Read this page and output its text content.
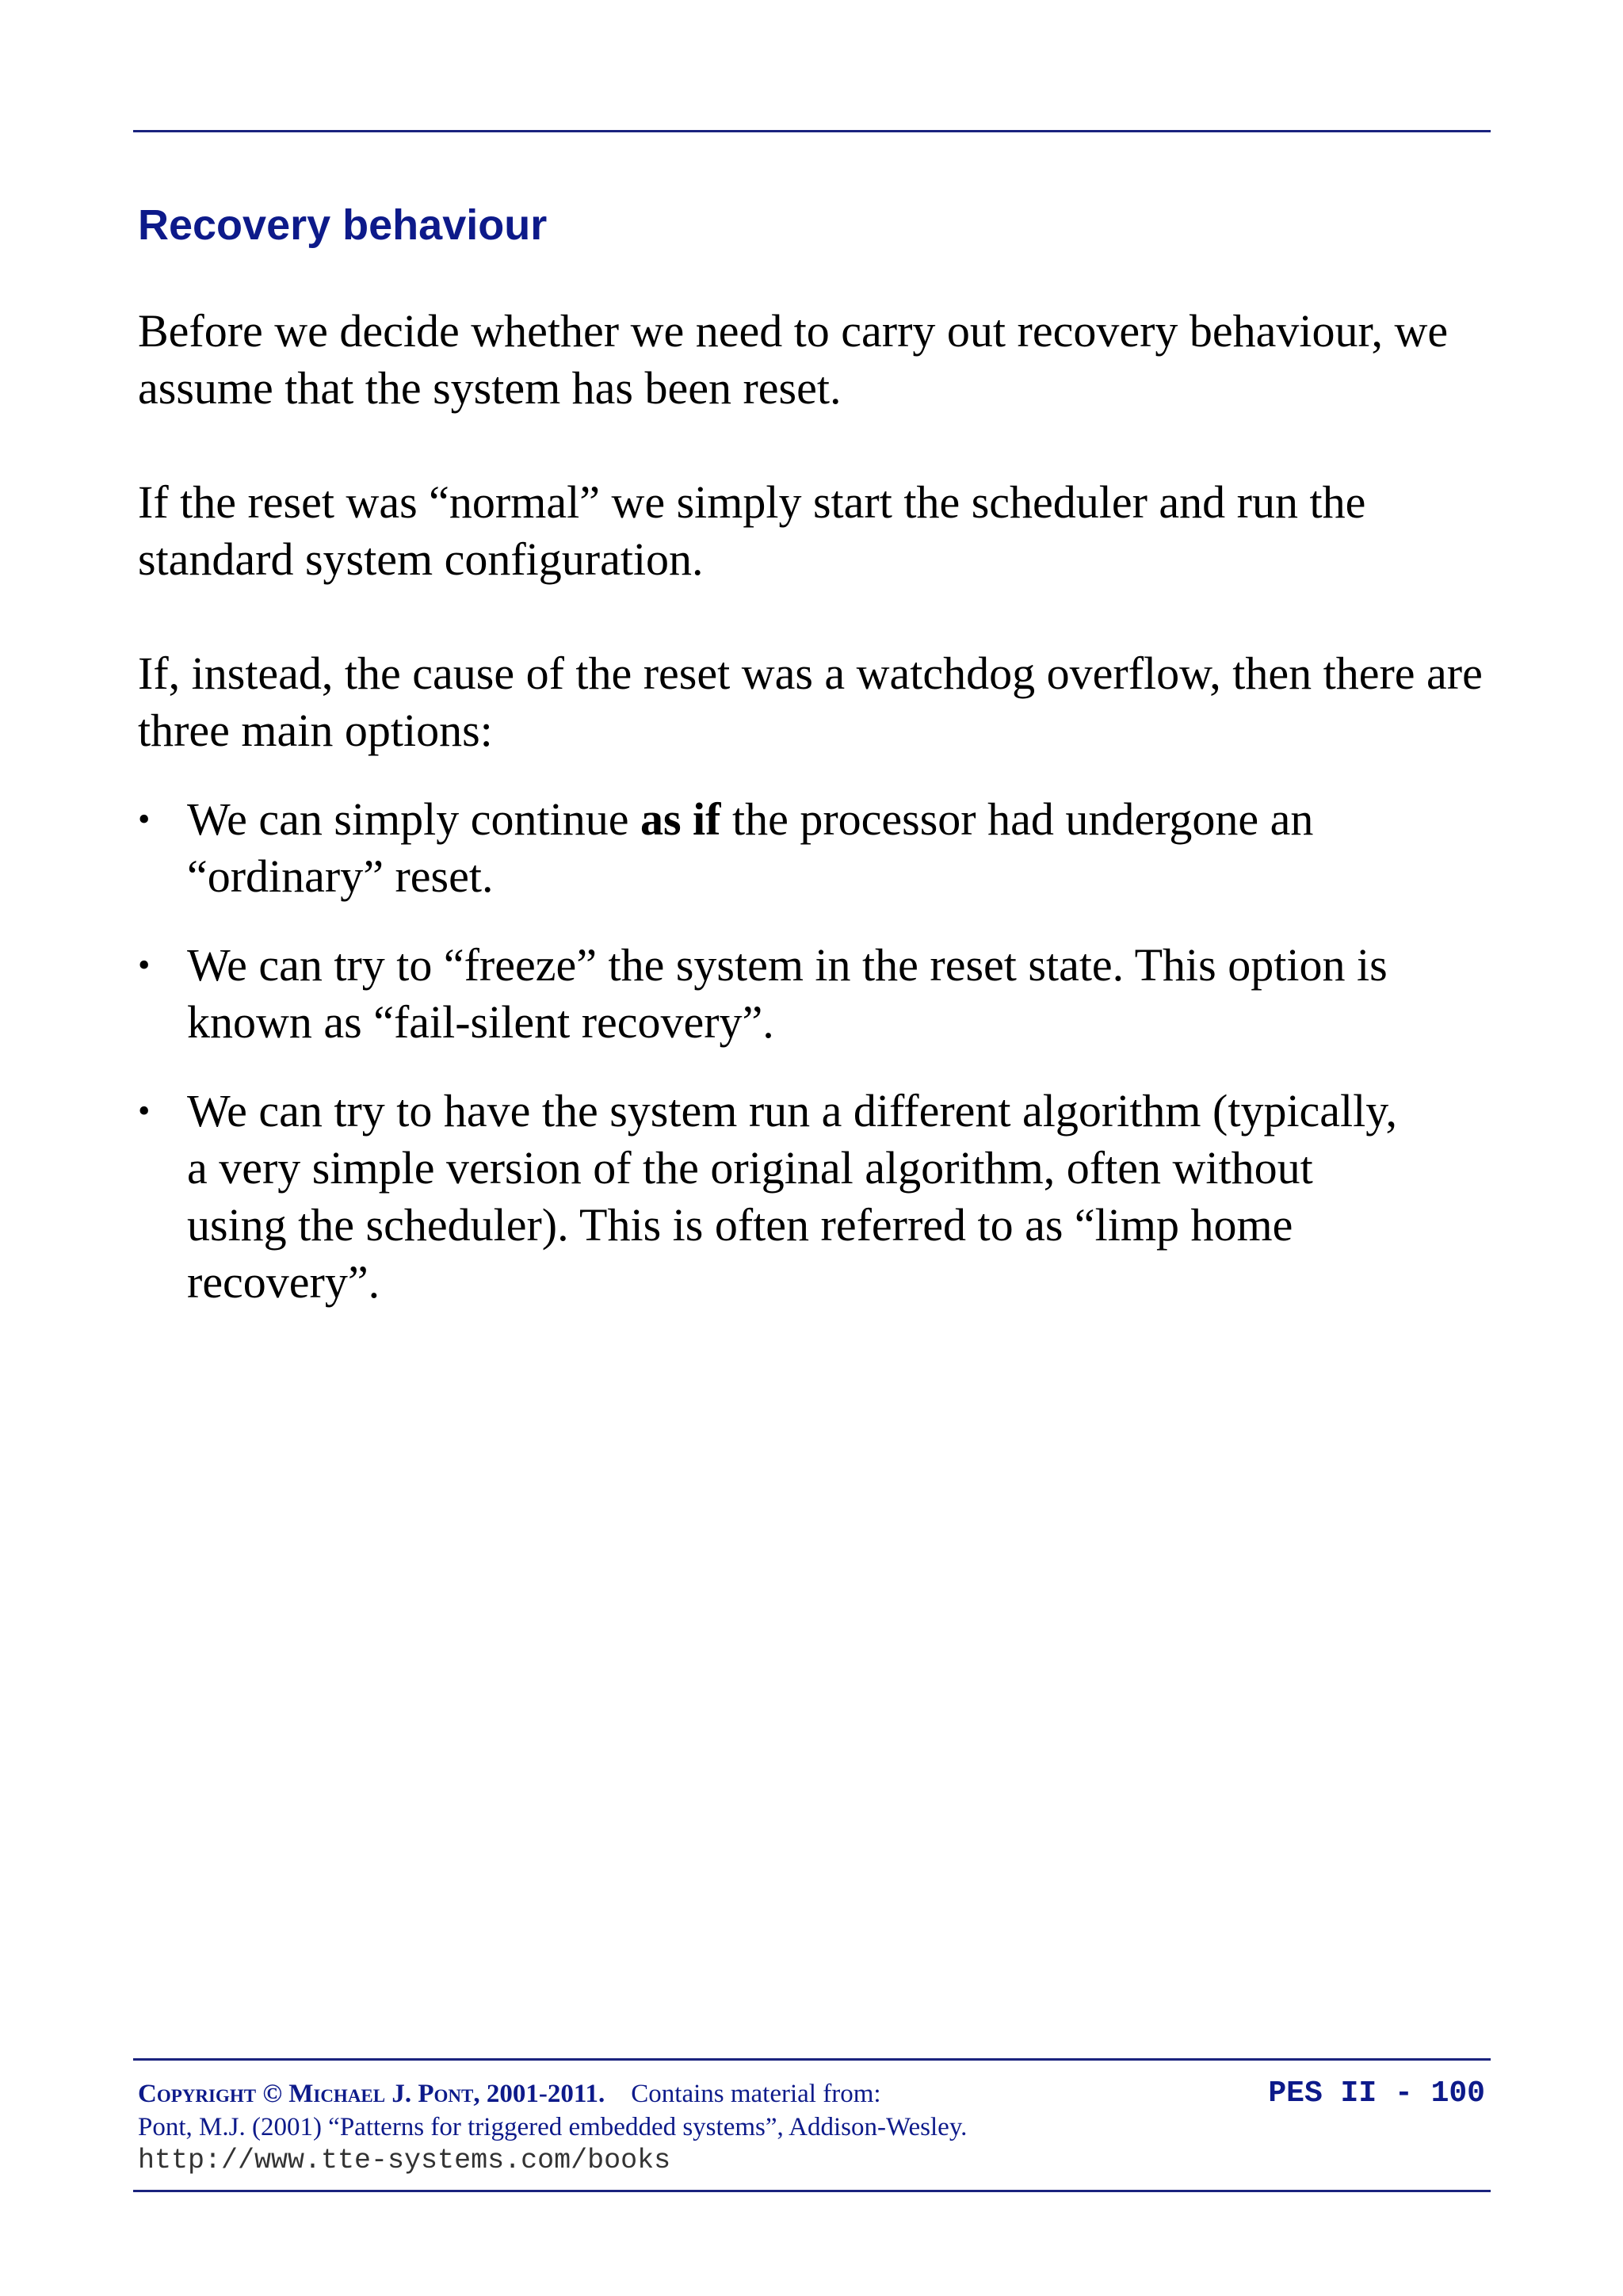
Recovery behaviour

Before we decide whether we need to carry out recovery behaviour, we assume that the system has been reset.

If the reset was “normal” we simply start the scheduler and run the standard system configuration.

If, instead, the cause of the reset was a watchdog overflow, then there are three main options:

• We can simply continue as if the processor had undergone an “ordinary” reset.
• We can try to “freeze” the system in the reset state. This option is known as “fail-silent recovery”.
• We can try to have the system run a different algorithm (typically, a very simple version of the original algorithm, often without using the scheduler). This is often referred to as “limp home recovery”.
Copyright © Michael J. Pont, 2001-2011. Contains material from:
Pont, M.J. (2001) “Patterns for triggered embedded systems”, Addison-Wesley.
http://www.tte-systems.com/books
PES II - 100
